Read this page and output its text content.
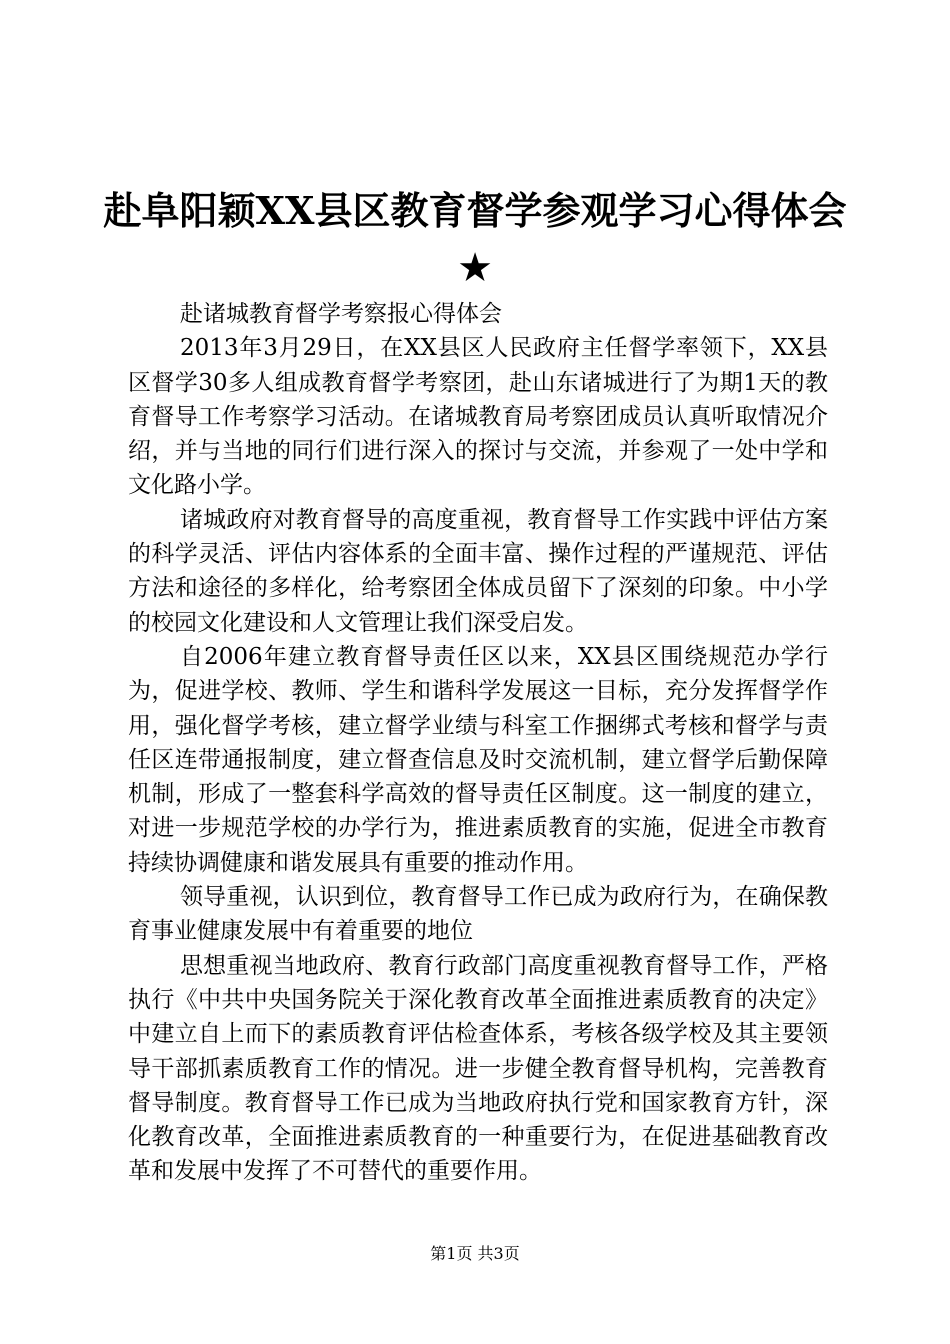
赴阜阳颖XX县区教育督学参观学习心得体会
★

赴诸城教育督学考察报心得体会

2013年3月29日，在XX县区人民政府主任督学率领下，XX县区督学30多人组成教育督学考察团，赴山东诸城进行了为期1天的教育督导工作考察学习活动。在诸城教育局考察团成员认真听取情况介绍，并与当地的同行们进行深入的探讨与交流，并参观了一处中学和文化路小学。

诸城政府对教育督导的高度重视，教育督导工作实践中评估方案的科学灵活、评估内容体系的全面丰富、操作过程的严谨规范、评估方法和途径的多样化，给考察团全体成员留下了深刻的印象。中小学的校园文化建设和人文管理让我们深受启发。

自2006年建立教育督导责任区以来，XX县区围绕规范办学行为，促进学校、教师、学生和谐科学发展这一目标，充分发挥督学作用，强化督学考核，建立督学业绩与科室工作捆绑式考核和督学与责任区连带通报制度，建立督查信息及时交流机制，建立督学后勤保障机制，形成了一整套科学高效的督导责任区制度。这一制度的建立，对进一步规范学校的办学行为，推进素质教育的实施，促进全市教育持续协调健康和谐发展具有重要的推动作用。

领导重视，认识到位，教育督导工作已成为政府行为，在确保教育事业健康发展中有着重要的地位

思想重视当地政府、教育行政部门高度重视教育督导工作，严格执行《中共中央国务院关于深化教育改革全面推进素质教育的决定》中建立自上而下的素质教育评估检查体系，考核各级学校及其主要领导干部抓素质教育工作的情况。进一步健全教育督导机构，完善教育督导制度。教育督导工作已成为当地政府执行党和国家教育方针，深化教育改革，全面推进素质教育的一种重要行为，在促进基础教育改革和发展中发挥了不可替代的重要作用。

第1页 共3页
